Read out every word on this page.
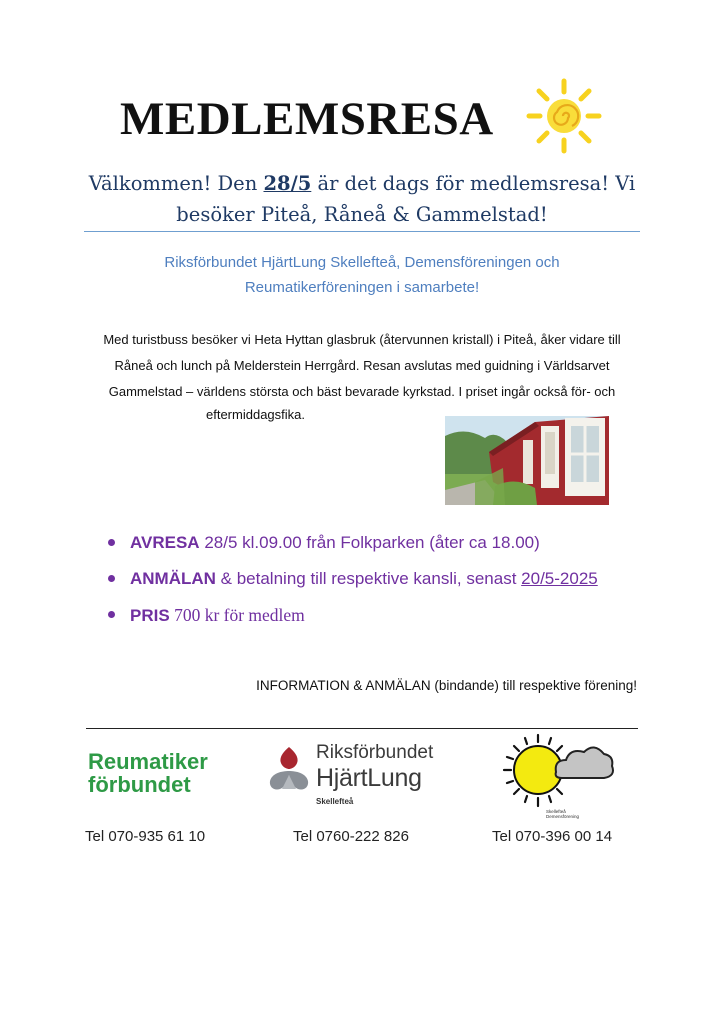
MEDLEMSRESA
Välkommen! Den 28/5 är det dags för medlemsresa! Vi besöker Piteå, Råneå & Gammelstad!
Riksförbundet HjärtLung Skellefteå, Demensföreningen och
Reumatikerföreningen i samarbete!
Med turistbuss besöker vi Heta Hyttan glasbruk (återvunnen kristall) i Piteå, åker vidare till
Råneå och lunch på Melderstein Herrgård. Resan avslutas med guidning i Världsarvet
Gammelstad – världens största och bäst bevarade kyrkstad. I priset ingår också för- och
eftermiddagsfika.
AVRESA 28/5 kl.09.00 från Folkparken (åter ca 18.00)
ANMÄLAN & betalning till respektive kansli, senast 20/5-2025
PRIS 700 kr för medlem
INFORMATION & ANMÄLAN (bindande) till respektive förening!
Reumatiker
förbundet
Riksförbundet
HjärtLung
Skellefteå
Skellefteå
Demensförening
Tel 070-935 61 10	Tel 0760-222 826	Tel 070-396 00 14
